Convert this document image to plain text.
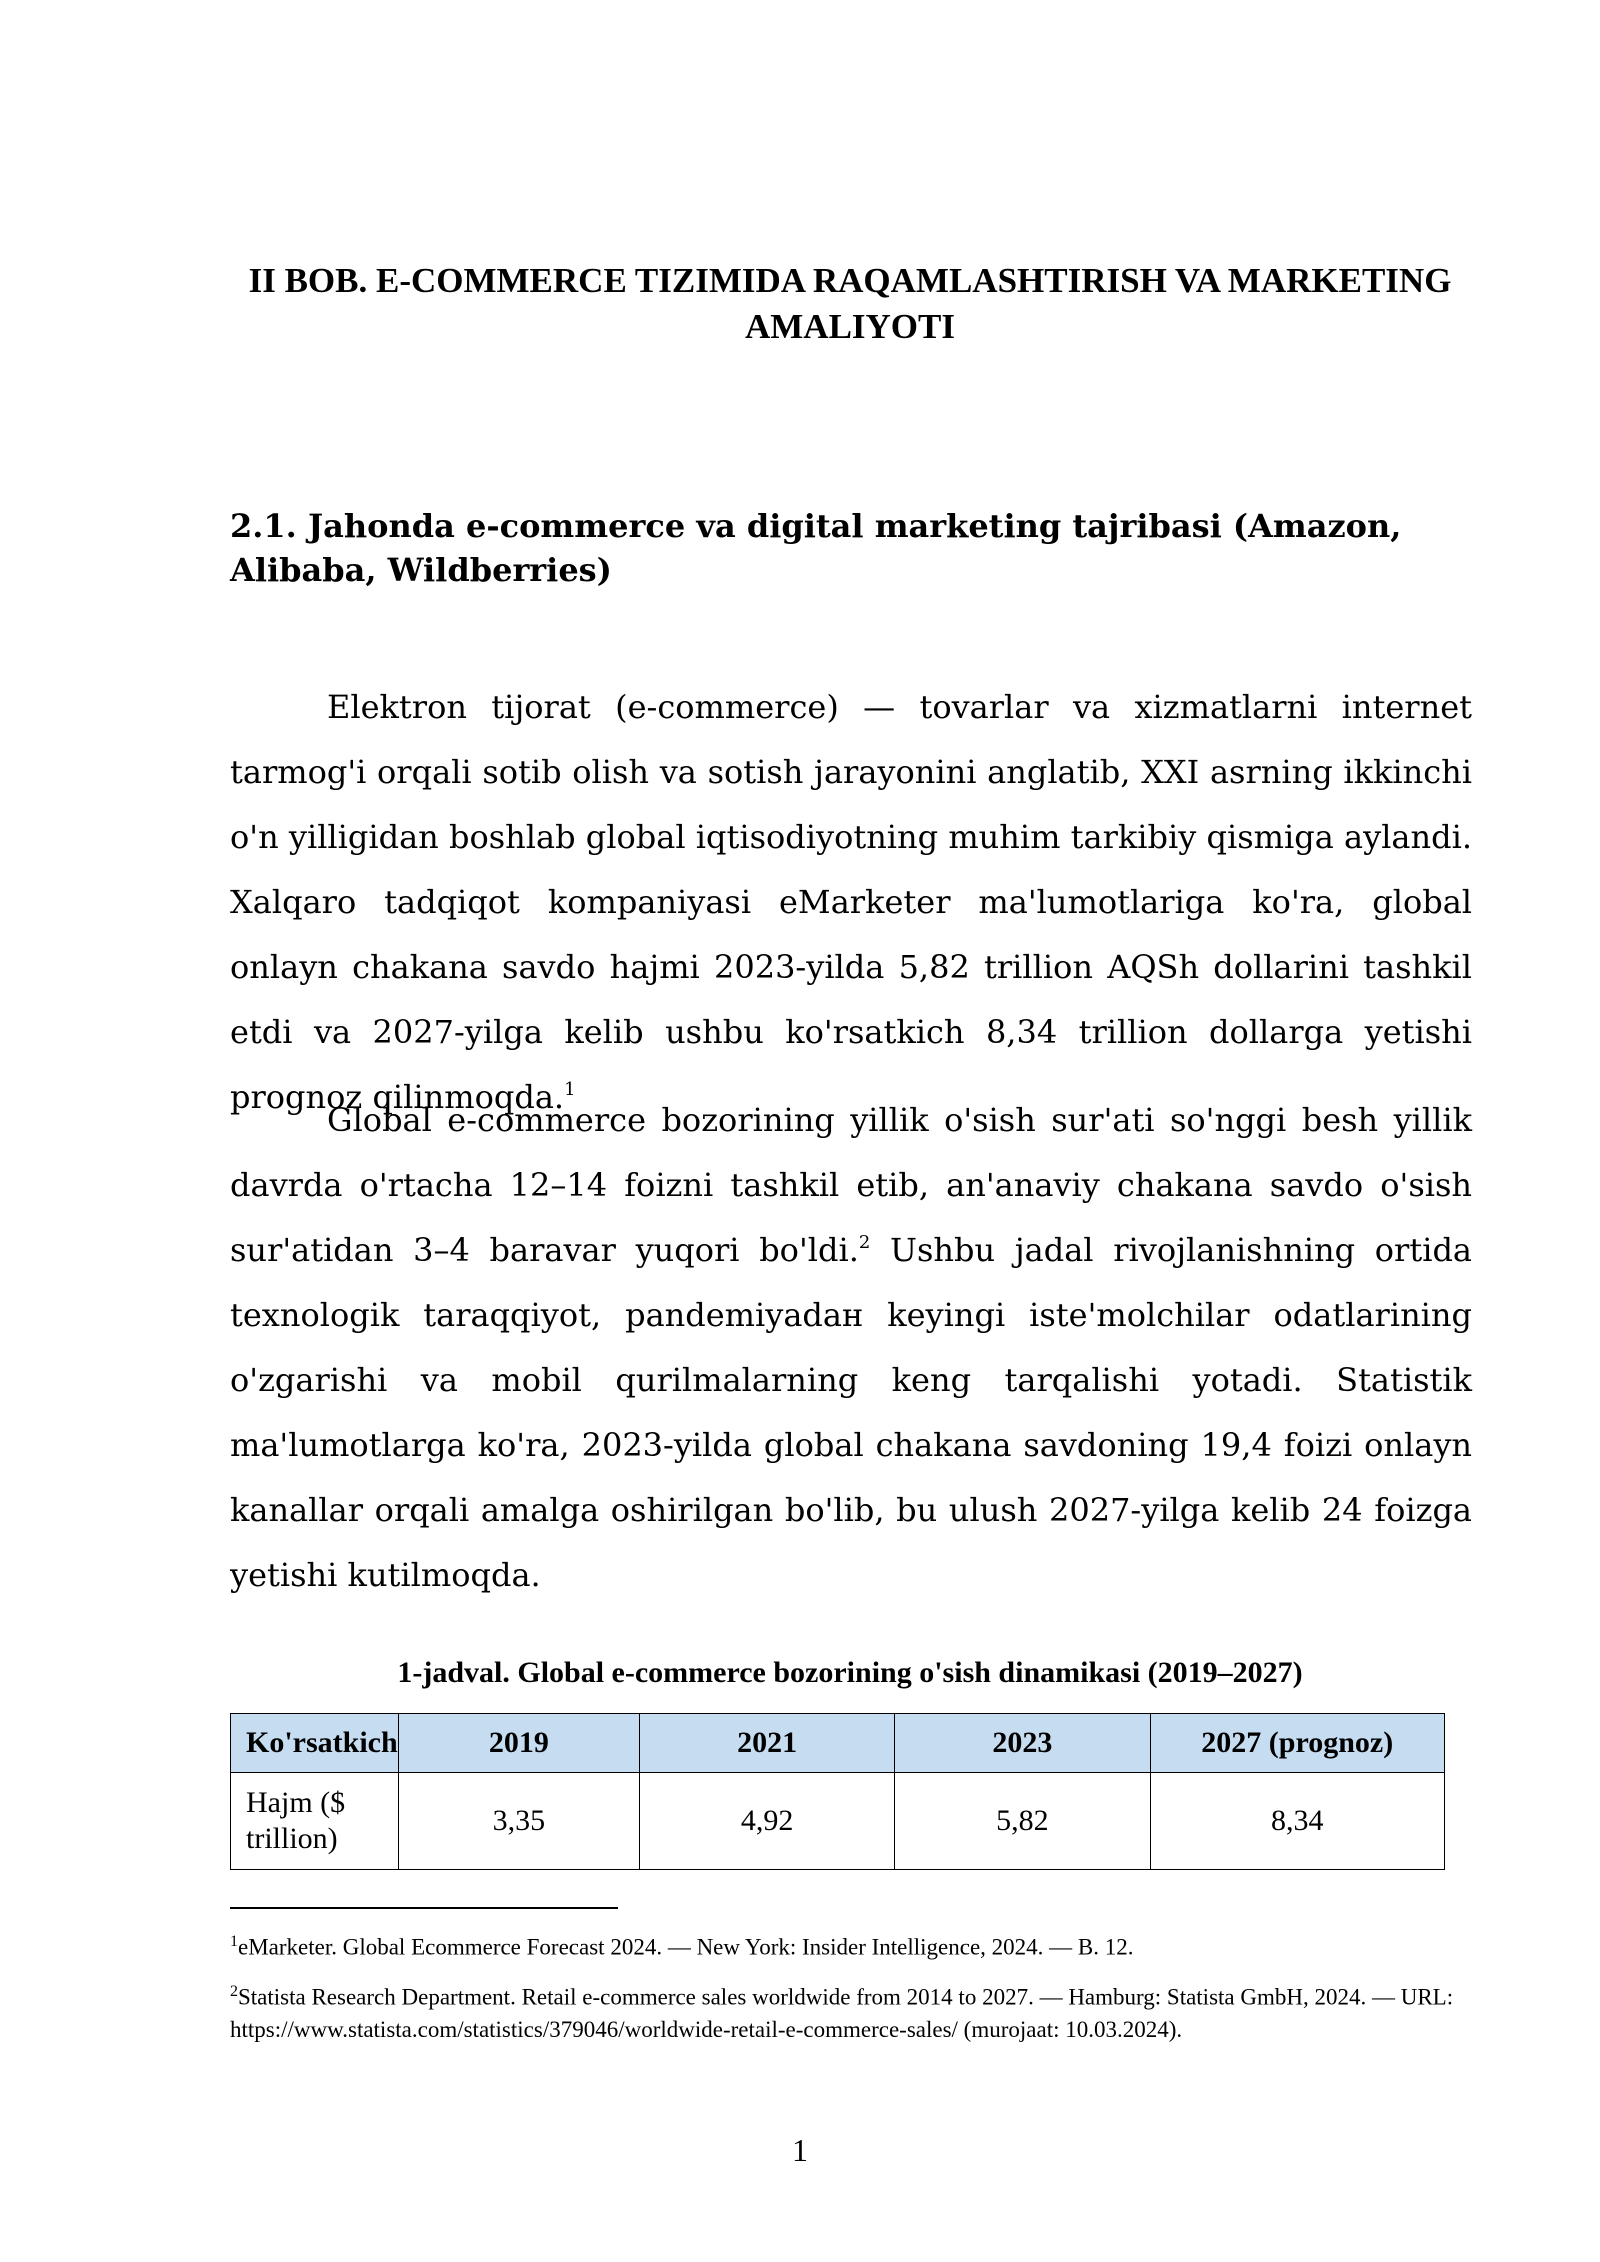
II BOB. E-COMMERCE TIZIMIDA RAQAMLASHTIRISH VA MARKETING AMALIYOTI
2.1. Jahonda e-commerce va digital marketing tajribasi (Amazon, Alibaba, Wildberries)

Elektron tijorat (e-commerce) — tovarlar va xizmatlarni internet tarmog'i orqali sotib olish va sotish jarayonini anglatib, XXI asrning ikkinchi o'n yilligidan boshlab global iqtisodiyotning muhim tarkibiy qismiga aylandi. Xalqaro tadqiqot kompaniyasi eMarketer ma'lumotlariga ko'ra, global onlayn chakana savdo hajmi 2023-yilda 5,82 trillion AQSh dollarini tashkil etdi va 2027-yilga kelib ushbu ko'rsatkich 8,34 trillion dollarga yetishi prognoz qilinmoqda.$^1$

Global e-commerce bozorining yillik o'sish sur'ati so'nggi besh yillik davrda o'rtacha 12–14 foizni tashkil etib, an'anaviy chakana savdo o'sish sur'atidan 3–4 baravar yuqori bo'ldi.$^2$ Ushbu jadal rivojlanishning ortida texnologik taraqqiyot, pandemiyadaн keyingi iste'molchilar odatlarining o'zgarishi va mobil qurilmalarning keng tarqalishi yotadi. Statistik ma'lumotlarga ko'ra, 2023-yilda global chakana savdoning 19,4 foizi onlayn kanallar orqali amalga oshirilgan bo'lib, bu ulush 2027-yilga kelib 24 foizga yetishi kutilmoqda.

1-jadval. Global e-commerce bozorining o'sish dinamikasi (2019–2027)
Ko'rsatkich	2019	2021	2023	2027 (prognoz)
Hajm ($ trillion)	3,35	4,92	5,82	8,34

$^1$eMarketer. Global Ecommerce Forecast 2024. — New York: Insider Intelligence, 2024. — B. 12.

$^2$Statista Research Department. Retail e-commerce sales worldwide from 2014 to 2027. — Hamburg: Statista GmbH, 2024. — URL: https://www.statista.com/statistics/379046/worldwide-retail-e-commerce-sales/ (murojaat: 10.03.2024).

1
